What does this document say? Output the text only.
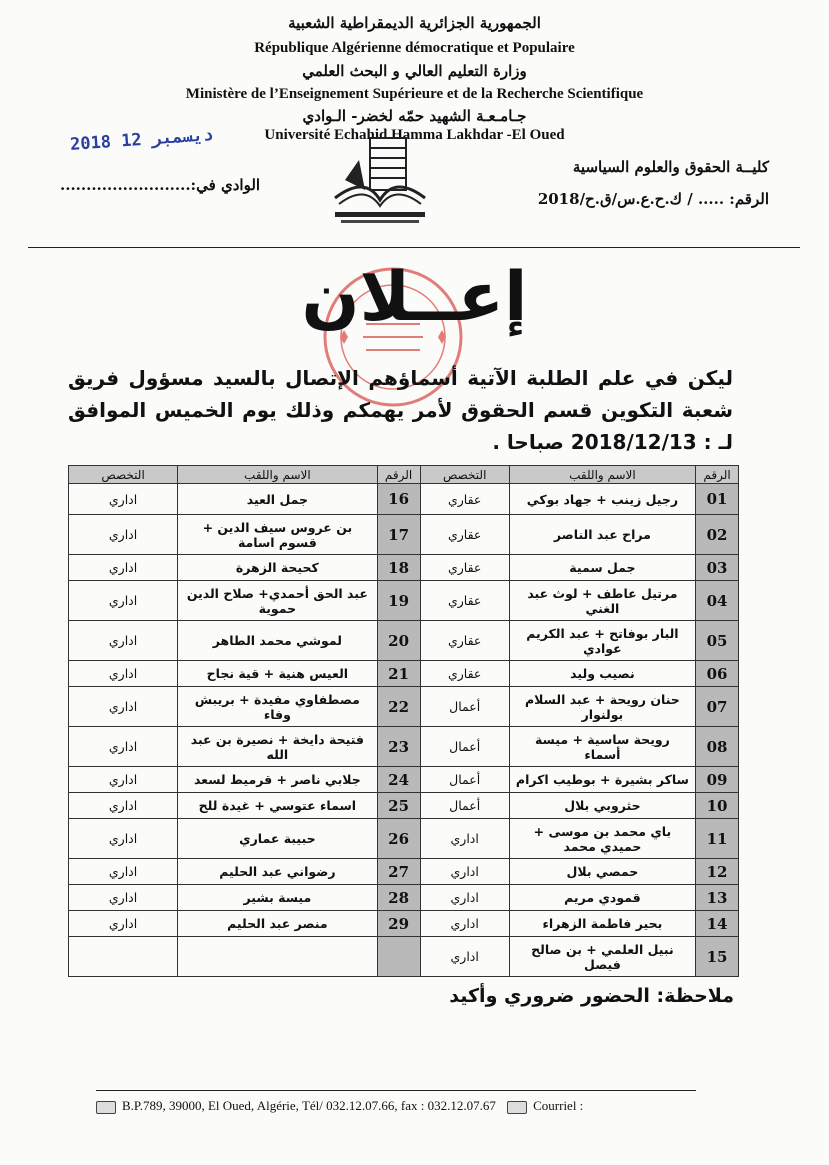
الجمهورية الجزائرية الديمقراطية الشعبية
République Algérienne démocratique et Populaire
وزارة التعليم العالي و البحث العلمي
Ministère de l’Enseignement Supérieure et de la Recherche Scientifique
جـامـعـة الشهيد حمّه لخضر- الـوادي
Université Echahid Hamma Lakhdar -El Oued
2018 ديسمبر 12
كليــة الحقوق والعلوم السياسية
الرقم: ..... / ك.ح.ع.س/ق.ح/2018
الوادي في:.........................
إعــلان
ليكن في علم الطلبة الآتية أسماؤهم الإتصال بالسيد مسؤول فريق شعبة التكوين قسم الحقوق لأمر يهمكم وذلك يوم الخميس الموافق لـ : 2018/12/13 صباحا .
الرقم	الاسم واللقب	التخصص	الرقم	الاسم واللقب	التخصص
01	رجيل زينب + جهاد بوكي	عقاري	16	جمل العيد	اداري
02	مراح عبد الناصر	عقاري	17	بن عروس سيف الدين + قسوم اسامة	اداري
03	جمل سمية	عقاري	18	كحيحة الزهرة	اداري
04	مرتيل عاطف + لوث عبد الغني	عقاري	19	عبد الحق أحمدي+ صلاح الدين حموية	اداري
05	البار بوفاتح + عبد الكريم عوادي	عقاري	20	لموشي محمد الطاهر	اداري
06	نصيب وليد	عقاري	21	العيس هنية + قية نجاح	اداري
07	حنان رويحة + عبد السلام بولنوار	أعمال	22	مصطفاوي مفيدة + بريبش وفاء	اداري
08	رويحة ساسية + ميسة أسماء	أعمال	23	فتيحة دايخة + نصيرة بن عبد الله	اداري
09	ساكر بشيرة + بوطيب اكرام	أعمال	24	جلابي ناصر + قرميط لسعد	اداري
10	حثروبي بلال	أعمال	25	اسماء عتوسي + غيدة للح	اداري
11	باي محمد بن موسى + حميدي محمد	اداري	26	حبيبة عماري	اداري
12	حمصي بلال	اداري	27	رضواني عبد الحليم	اداري
13	قمودي مريم	اداري	28	ميسة بشير	اداري
14	بحير فاطمة الزهراء	اداري	29	منصر عبد الحليم	اداري
15	نبيل العلمي + بن صالح فيصل	اداري			
ملاحظة: الحضور ضروري وأكيد
B.P.789, 39000, El Oued, Algérie, Tél/ 032.12.07.66, fax : 032.12.07.67	Courriel :
